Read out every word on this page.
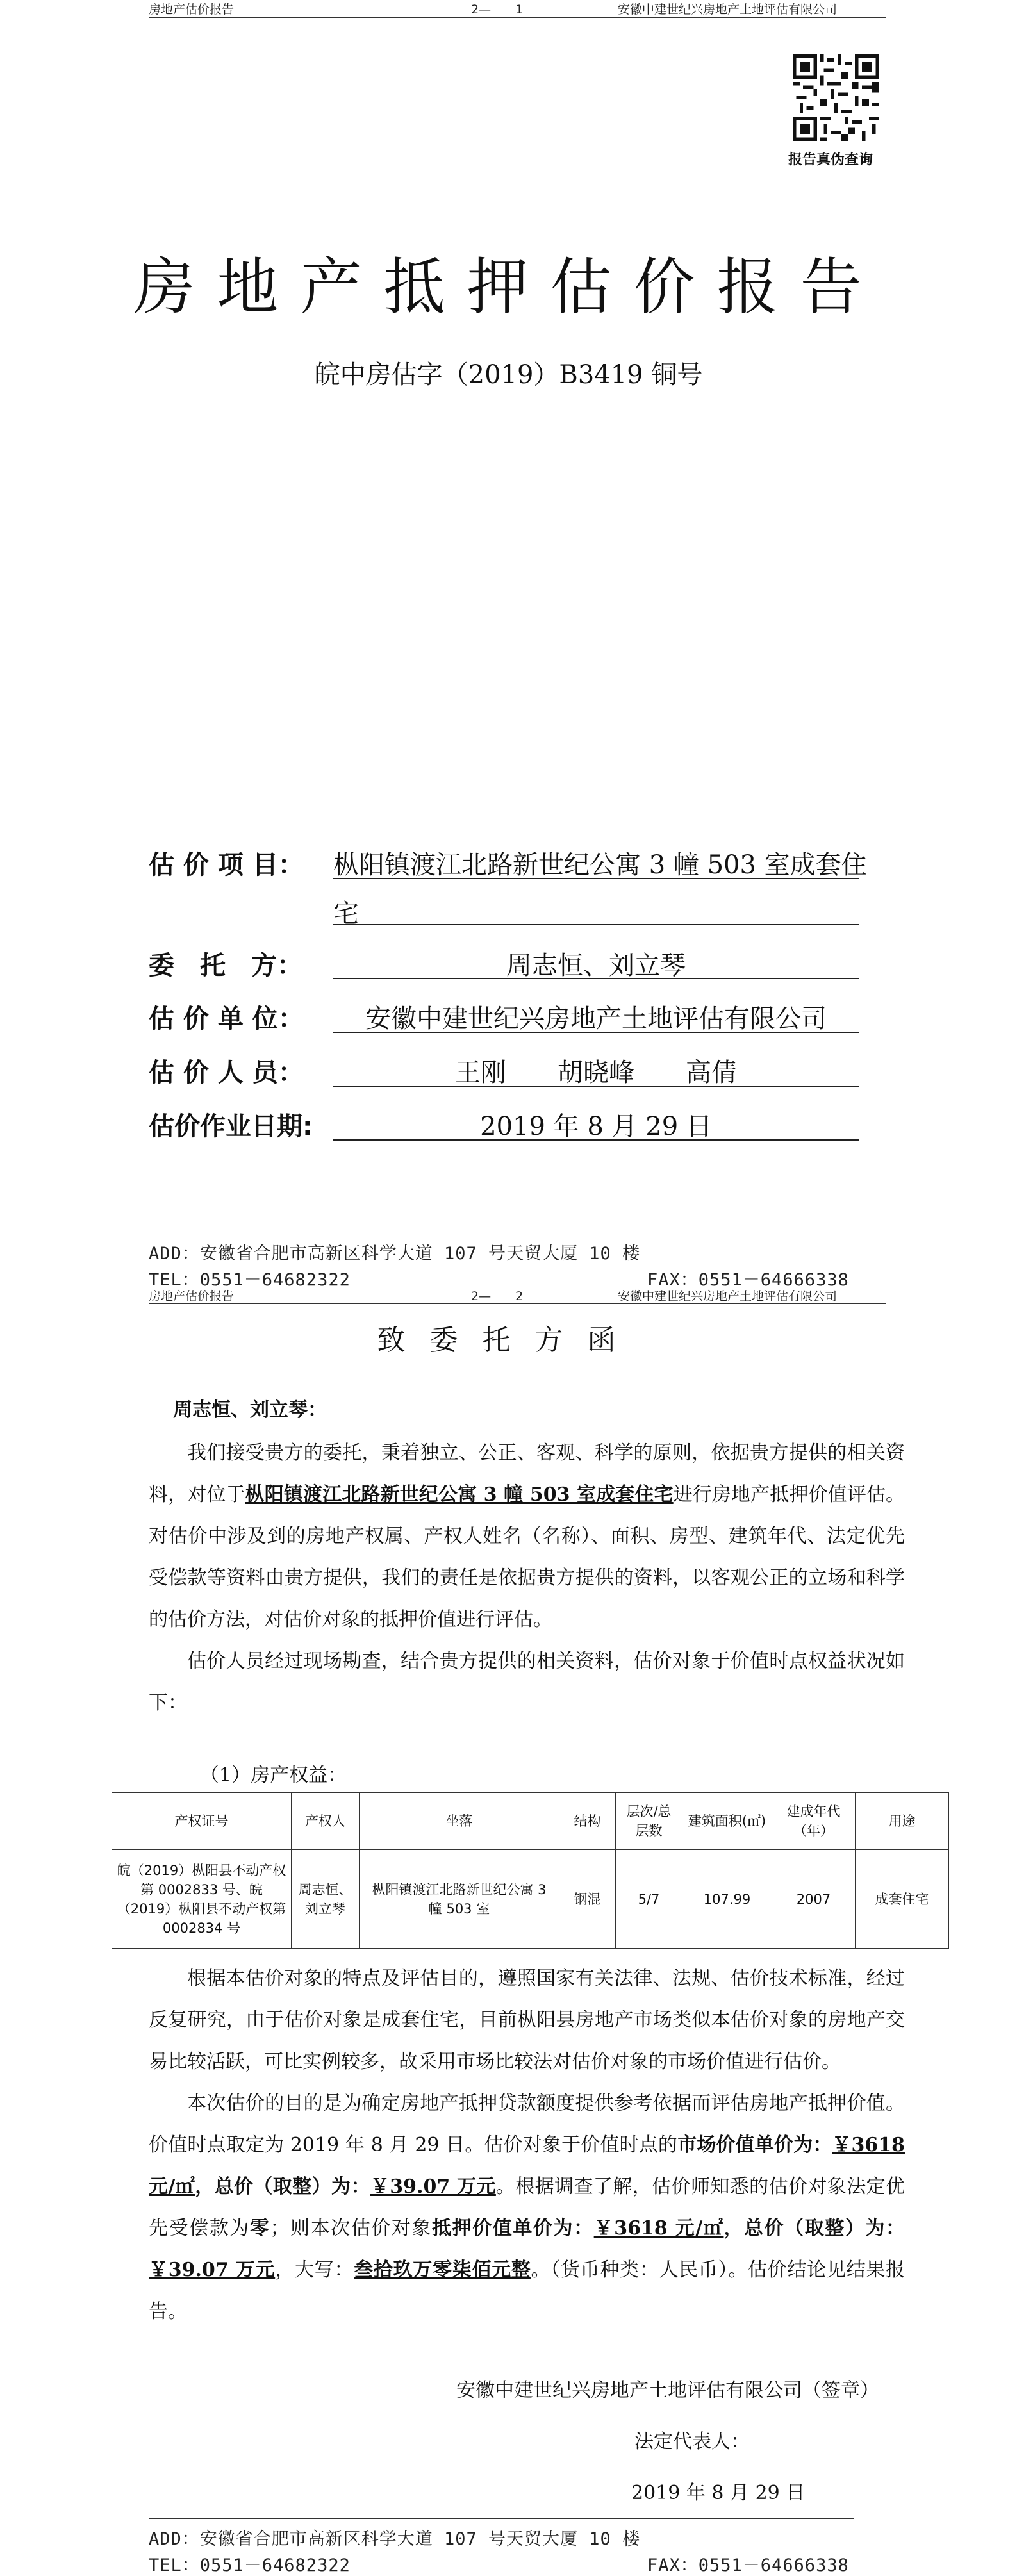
房地产估价报告	2—　　1	安徽中建世纪兴房地产土地评估有限公司
报告真伪查询
房地产抵押估价报告
皖中房估字（2019）B3419 铜号
估 价 项 目： 枞阳镇渡江北路新世纪公寓 3 幢 503 室成套住
宅
委　托　方：	周志恒、刘立琴
估 价 单 位：	安徽中建世纪兴房地产土地评估有限公司
估 价 人 员：	王刚　　胡晓峰　　高倩
估价作业日期:	2019 年 8 月 29 日
ADD：安徽省合肥市高新区科学大道 107 号天贸大厦 10 楼
TEL：0551－64682322	FAX：0551－64666338
房地产估价报告	2—　　2	安徽中建世纪兴房地产土地评估有限公司
致委托方函
周志恒、刘立琴：

我们接受贵方的委托，秉着独立、公正、客观、科学的原则，依据贵方提供的相关资料，对位于枞阳镇渡江北路新世纪公寓 3 幢 503 室成套住宅进行房地产抵押价值评估。对估价中涉及到的房地产权属、产权人姓名（名称）、面积、房型、建筑年代、法定优先受偿款等资料由贵方提供，我们的责任是依据贵方提供的资料，以客观公正的立场和科学的估价方法，对估价对象的抵押价值进行评估。

估价人员经过现场勘查，结合贵方提供的相关资料，估价对象于价值时点权益状况如下：

（1）房产权益：
产权证号	产权人	坐落	结构	层次/总层数	建筑面积(㎡)	建成年代（年）	用途
皖（2019）枞阳县不动产权第 0002833 号、皖（2019）枞阳县不动产权第 0002834 号	周志恒、刘立琴	枞阳镇渡江北路新世纪公寓 3 幢 503 室	钢混	5/7	107.99	2007	成套住宅

根据本估价对象的特点及评估目的，遵照国家有关法律、法规、估价技术标准，经过反复研究，由于估价对象是成套住宅，目前枞阳县房地产市场类似本估价对象的房地产交易比较活跃，可比实例较多，故采用市场比较法对估价对象的市场价值进行估价。

本次估价的目的是为确定房地产抵押贷款额度提供参考依据而评估房地产抵押价值。价值时点取定为 2019 年 8 月 29 日。估价对象于价值时点的市场价值单价为：￥3618 元/㎡，总价（取整）为：￥39.07 万元。根据调查了解，估价师知悉的估价对象法定优先受偿款为零；则本次估价对象抵押价值单价为：￥3618 元/㎡，总价（取整）为：￥39.07 万元，大写：叁拾玖万零柒佰元整。（货币种类：人民币）。估价结论见结果报告。

安徽中建世纪兴房地产土地评估有限公司（签章）
法定代表人：
2019 年 8 月 29 日
ADD：安徽省合肥市高新区科学大道 107 号天贸大厦 10 楼
TEL：0551－64682322	FAX：0551－64666338
